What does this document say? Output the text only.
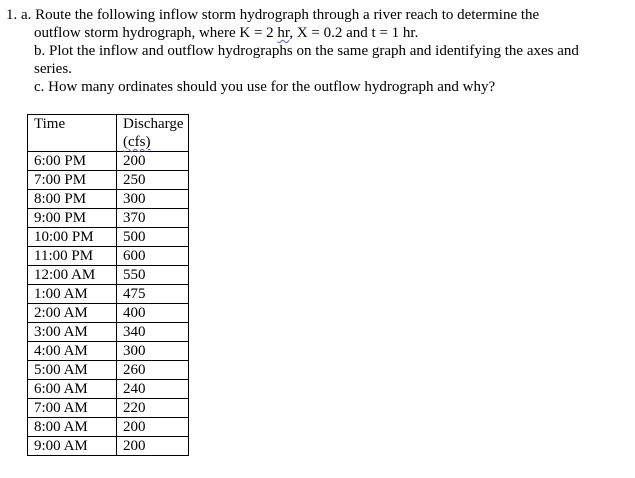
1. a. Route the following inflow storm hydrograph through a river reach to determine the

outflow storm hydrograph, where K = 2 hr, X = 0.2 and t = 1 hr.

b. Plot the inflow and outflow hydrographs on the same graph and identifying the axes and

series.

c. How many ordinates should you use for the outflow hydrograph and why?

Time	Discharge
(cfs)
6:00 PM	200
7:00 PM	250
8:00 PM	300
9:00 PM	370
10:00 PM	500
11:00 PM	600
12:00 AM	550
1:00 AM	475
2:00 AM	400
3:00 AM	340
4:00 AM	300
5:00 AM	260
6:00 AM	240
7:00 AM	220
8:00 AM	200
9:00 AM	200
